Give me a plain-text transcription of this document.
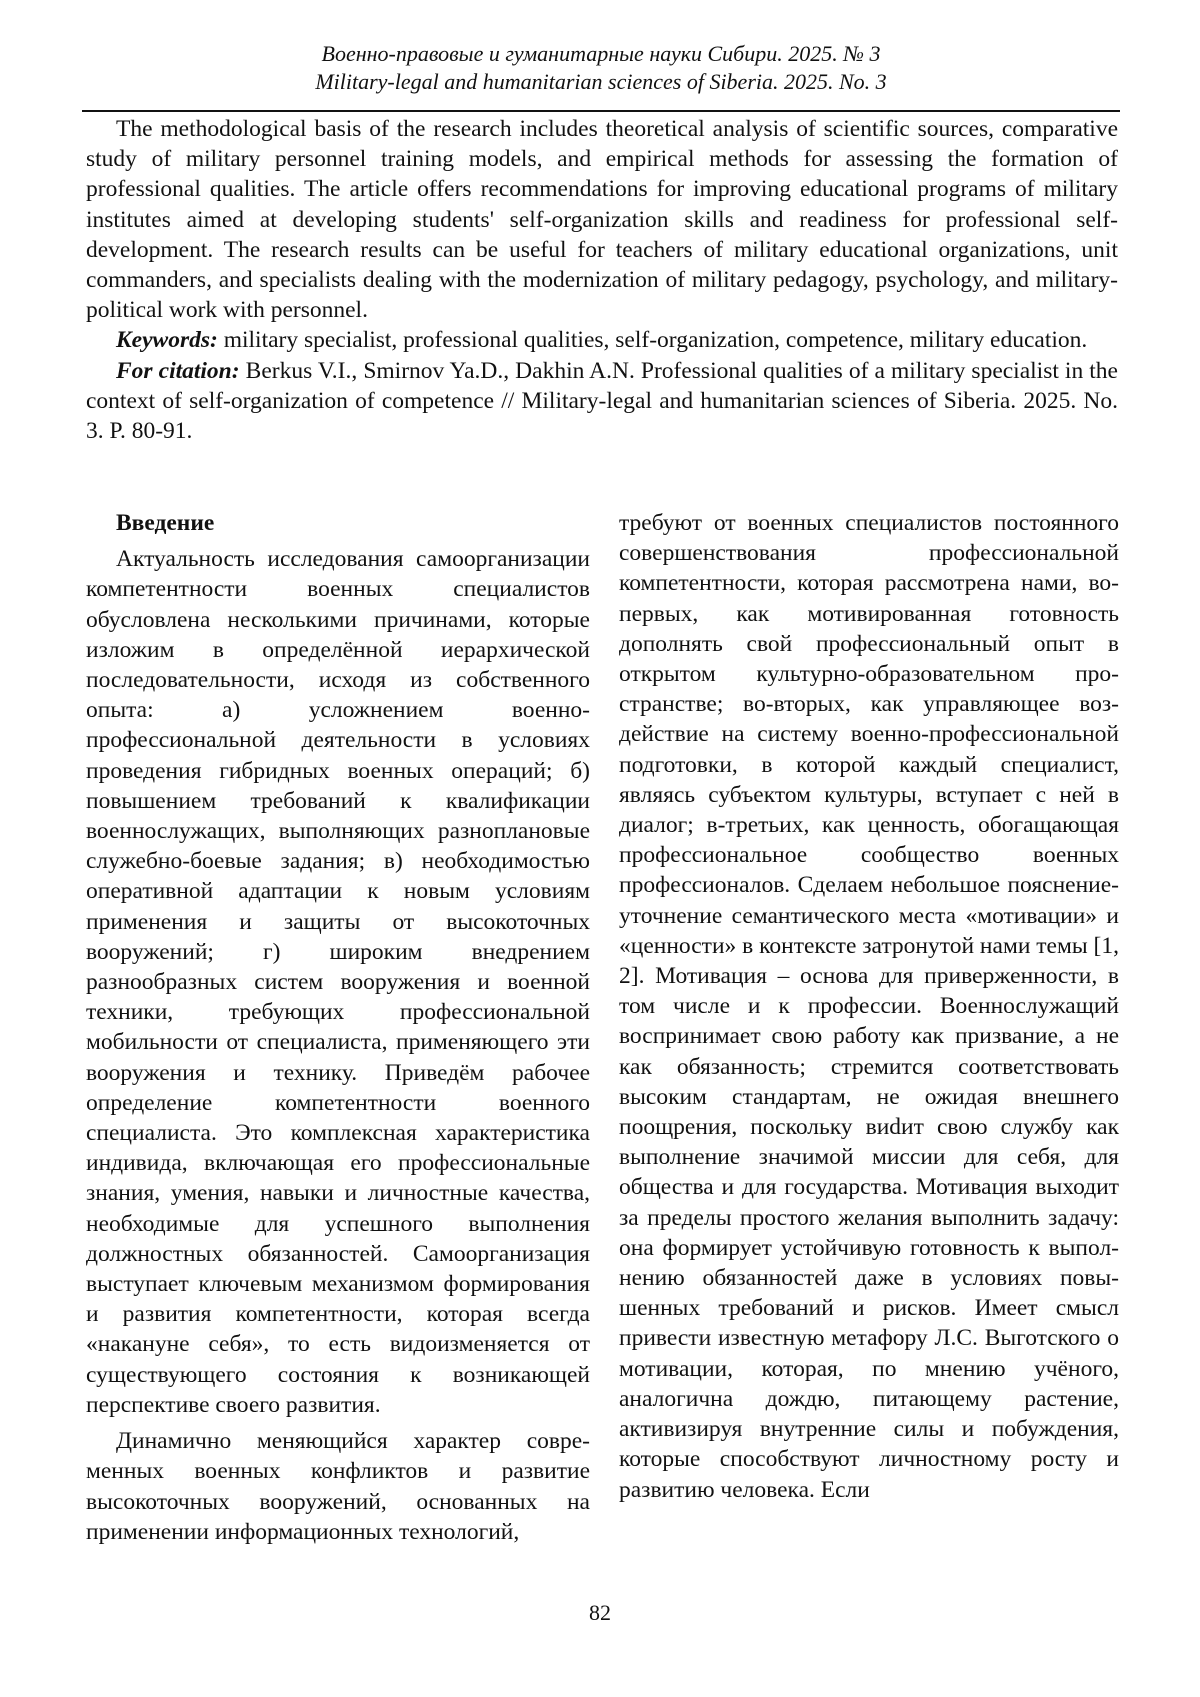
Военно-правовые и гуманитарные науки Сибири. 2025. № 3
Military-legal and humanitarian sciences of Siberia. 2025. No. 3

The methodological basis of the research includes theoretical analysis of scientific sources, comparative study of military personnel training models, and empirical methods for assessing the formation of professional qualities. The article offers recommendations for improving educational programs of military institutes aimed at developing students' self-organization skills and readiness for professional self-development. The research results can be useful for teachers of military educational organizations, unit commanders, and specialists dealing with the modernization of military pedagogy, psychology, and military-political work with personnel.

Keywords: military specialist, professional qualities, self-organization, competence, military education.

For citation: Berkus V.I., Smirnov Ya.D., Dakhin A.N. Professional qualities of a military specialist in the context of self-organization of competence // Military-legal and humanitarian sciences of Siberia. 2025. No. 3. P. 80-91.

Введение

Актуальность исследования самоорганизации компетентности военных специалистов обусловлена несколькими причинами, которые изложим в определённой иерархической последовательности, исходя из собственного опыта: а) усложнением военно-профессиональной деятельности в условиях проведения гибридных военных операций; б) повышением требований к квалификации военнослужащих, выполняющих разноплановые служебно-боевые задания; в) необходимостью оперативной адаптации к новым условиям применения и защиты от высокоточных вооружений; г) широким внедрением разнообразных систем вооружения и военной техники, требующих профессиональной мобильности от специалиста, применяющего эти вооружения и технику. Приведём рабочее определение компетентности военного специалиста. Это комплексная характеристика индивида, включающая его профессиональные знания, умения, навыки и личностные качества, необходимые для успешного выполнения должностных обязанностей. Самоорганизация выступает ключевым механизмом формирования и развития компетентности, которая всегда «накануне себя», то есть видоизменяется от существующего состояния к возникающей перспективе своего развития.

Динамично меняющийся характер современных военных конфликтов и развитие высокоточных вооружений, основанных на применении информационных технологий,

требуют от военных специалистов постоянного совершенствования профессиональной компетентности, которая рассмотрена нами, во-первых, как мотивированная готовность дополнять свой профессиональный опыт в открытом культурно-образовательном пространстве; во-вторых, как управляющее воздействие на систему военно-профессиональной подготовки, в которой каждый специалист, являясь субъектом культуры, вступает с ней в диалог; в-третьих, как ценность, обогащающая профессиональное сообщество военных профессионалов. Сделаем небольшое пояснение-уточнение семантического места «мотивации» и «ценности» в контексте затронутой нами темы [1, 2]. Мотивация – основа для приверженности, в том числе и к профессии. Военнослужащий воспринимает свою работу как призвание, а не как обязанность; стремится соответствовать высоким стандартам, не ожидая внешнего поощрения, поскольку виdит свою службу как выполнение значимой миссии для себя, для общества и для государства. Мотивация выходит за пределы простого желания выполнить задачу: она формирует устойчивую готовность к выполнению обязанностей даже в условиях повышенных требований и рисков. Имеет смысл привести известную метафору Л.С. Выготского о мотивации, которая, по мнению учёного, аналогична дождю, питающему растение, активизируя внутренние силы и побуждения, которые способствуют личностному росту и развитию человека. Если

82
